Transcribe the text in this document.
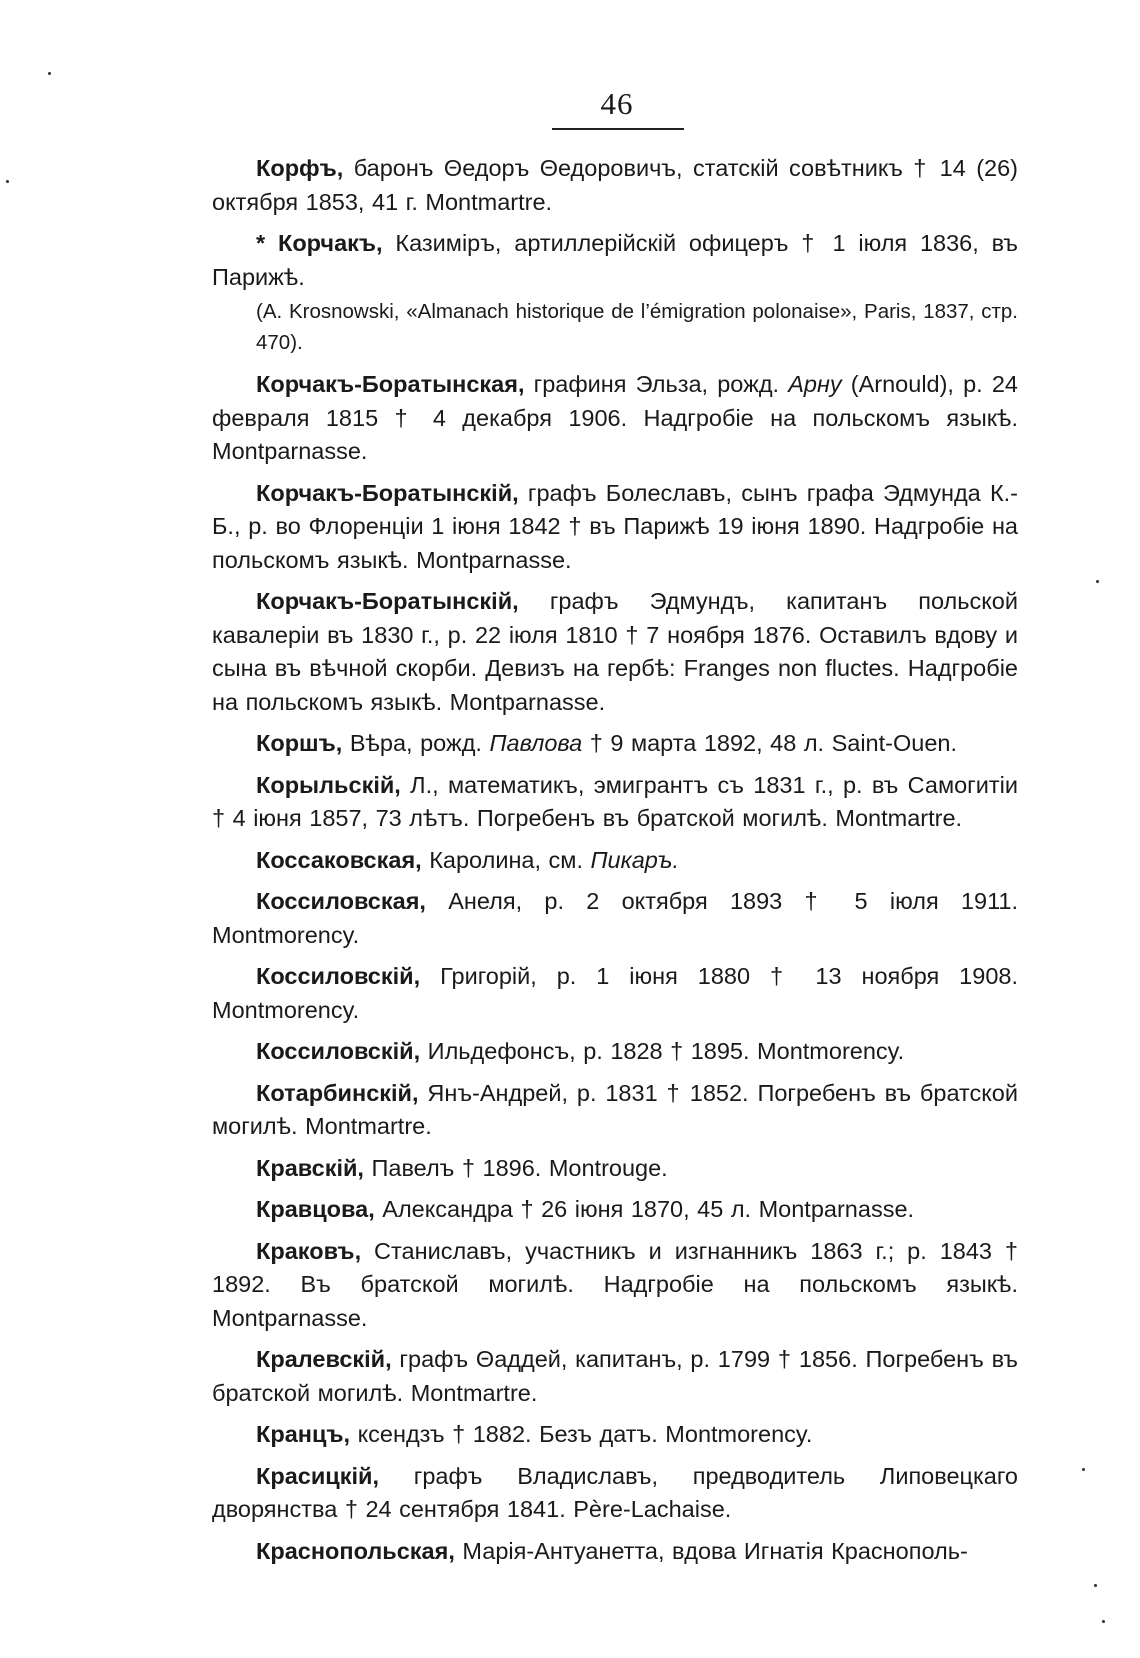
46

Корфъ, баронъ Θедоръ Θедоровичъ, статскій совѣтникъ † 14 (26) октября 1853, 41 г. Montmartre.

* Корчакъ, Казиміръ, артиллерійскій офицеръ † 1 іюля 1836, въ Парижѣ.

(A. Krosnowski, «Almanach historique de l’émigration polonaise», Paris, 1837, стр. 470).

Корчакъ-Боратынская, графиня Эльза, рожд. Арну (Arnould), р. 24 февраля 1815 † 4 декабря 1906. Надгробіе на польскомъ языкѣ. Montparnasse.

Корчакъ-Боратынскій, графъ Болеславъ, сынъ графа Эдмунда К.-Б., р. во Флоренціи 1 іюня 1842 † въ Парижѣ 19 іюня 1890. Надгробіе на польскомъ языкѣ. Montparnasse.

Корчакъ-Боратынскій, графъ Эдмундъ, капитанъ польской кавалеріи въ 1830 г., р. 22 іюля 1810 † 7 ноября 1876. Оставилъ вдову и сына въ вѣчной скорби. Девизъ на гербѣ: Franges non fluctes. Надгробіе на польскомъ языкѣ. Montparnasse.

Коршъ, Вѣра, рожд. Павлова † 9 марта 1892, 48 л. Saint-Ouen.

Корыльскій, Л., математикъ, эмигрантъ съ 1831 г., р. въ Самогитіи † 4 іюня 1857, 73 лѣтъ. Погребенъ въ братской могилѣ. Montmartre.

Коссаковская, Каролина, см. Пикаръ.

Коссиловская, Анеля, р. 2 октября 1893 † 5 іюля 1911. Montmorency.

Коссиловскій, Григорій, р. 1 іюня 1880 † 13 ноября 1908. Montmorency.

Коссиловскій, Ильдефонсъ, р. 1828 † 1895. Montmorency.

Котарбинскій, Янъ-Андрей, р. 1831 † 1852. Погребенъ въ братской могилѣ. Montmartre.

Кравскій, Павелъ † 1896. Montrouge.

Кравцова, Александра † 26 іюня 1870, 45 л. Montparnasse.

Краковъ, Станиславъ, участникъ и изгнанникъ 1863 г.; р. 1843 † 1892. Въ братской могилѣ. Надгробіе на польскомъ языкѣ. Montparnasse.

Кралевскій, графъ Θаддей, капитанъ, р. 1799 † 1856. Погребенъ въ братской могилѣ. Montmartre.

Кранцъ, ксендзъ † 1882. Безъ датъ. Montmorency.

Красицкій, графъ Владиславъ, предводитель Липовецкаго дворянства † 24 сентября 1841. Père-Lachaise.

Краснопольская, Марія-Антуанетта, вдова Игнатія Краснополь-
